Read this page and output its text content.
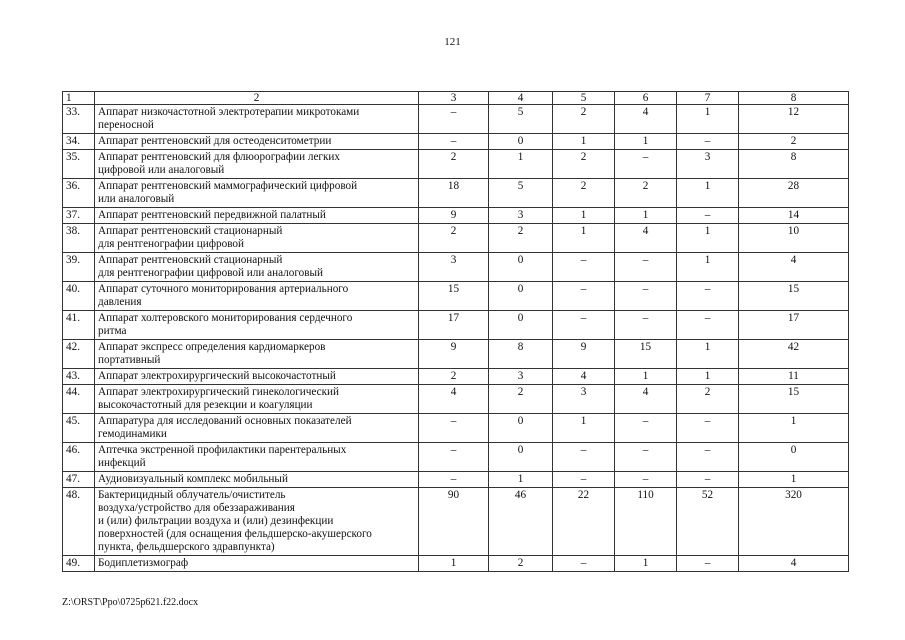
121
1	2	3	4	5	6	7	8
33.	Аппарат низкочастотной электротерапии микротоками
переносной	–	5	2	4	1	12
34.	Аппарат рентгеновский для остеоденситометрии	–	0	1	1	–	2
35.	Аппарат рентгеновский для флюорографии легких
цифровой или аналоговый	2	1	2	–	3	8
36.	Аппарат рентгеновский маммографический цифровой
или аналоговый	18	5	2	2	1	28
37.	Аппарат рентгеновский передвижной палатный	9	3	1	1	–	14
38.	Аппарат рентгеновский стационарный
для рентгенографии цифровой	2	2	1	4	1	10
39.	Аппарат рентгеновский стационарный
для рентгенографии цифровой или аналоговый	3	0	–	–	1	4
40.	Аппарат суточного мониторирования артериального
давления	15	0	–	–	–	15
41.	Аппарат холтеровского мониторирования сердечного
ритма	17	0	–	–	–	17
42.	Аппарат экспресс определения кардиомаркеров
портативный	9	8	9	15	1	42
43.	Аппарат электрохирургический высокочастотный	2	3	4	1	1	11
44.	Аппарат электрохирургический гинекологический
высокочастотный для резекции и коагуляции	4	2	3	4	2	15
45.	Аппаратура для исследований основных показателей
гемодинамики	–	0	1	–	–	1
46.	Аптечка экстренной профилактики парентеральных
инфекций	–	0	–	–	–	0
47.	Аудиовизуальный комплекс мобильный	–	1	–	–	–	1
48.	Бактерицидный облучатель/очиститель
воздуха/устройство для обеззараживания
и (или) фильтрации воздуха и (или) дезинфекции
поверхностей (для оснащения фельдшерско-акушерского
пункта, фельдшерского здравпункта)	90	46	22	110	52	320
49.	Бодиплетизмограф	1	2	–	1	–	4
Z:\ORST\Ppo\0725p621.f22.docx
